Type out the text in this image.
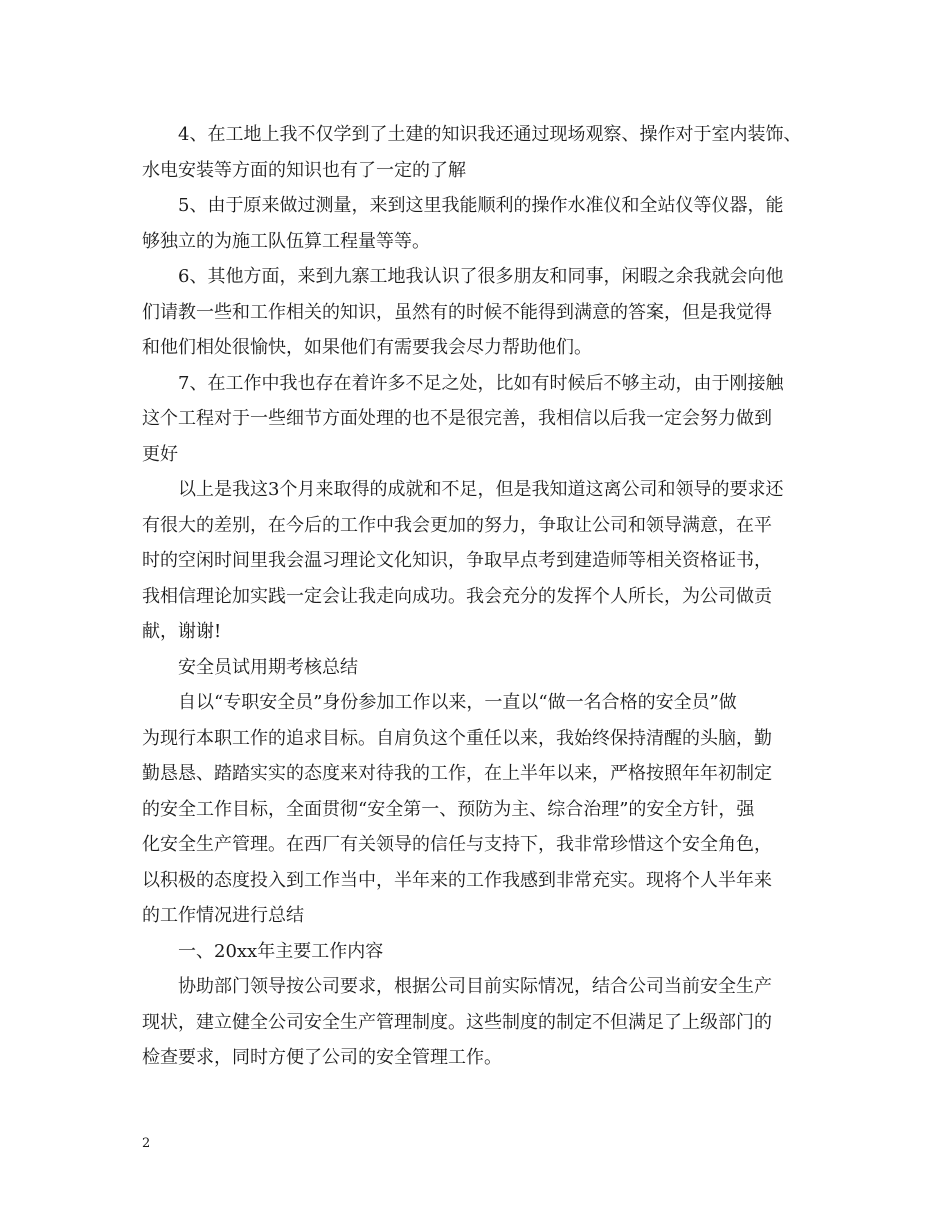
4、在工地上我不仅学到了土建的知识我还通过现场观察、操作对于室内装饰、
水电安装等方面的知识也有了一定的了解
5、由于原来做过测量，来到这里我能顺利的操作水准仪和全站仪等仪器，能
够独立的为施工队伍算工程量等等。
6、其他方面，来到九寨工地我认识了很多朋友和同事，闲暇之余我就会向他
们请教一些和工作相关的知识，虽然有的时候不能得到满意的答案，但是我觉得
和他们相处很愉快，如果他们有需要我会尽力帮助他们。
7、在工作中我也存在着许多不足之处，比如有时候后不够主动，由于刚接触
这个工程对于一些细节方面处理的也不是很完善，我相信以后我一定会努力做到
更好
以上是我这3个月来取得的成就和不足，但是我知道这离公司和领导的要求还
有很大的差别，在今后的工作中我会更加的努力，争取让公司和领导满意，在平
时的空闲时间里我会温习理论文化知识，争取早点考到建造师等相关资格证书，
我相信理论加实践一定会让我走向成功。我会充分的发挥个人所长，为公司做贡
献，谢谢!
安全员试用期考核总结
自以“专职安全员”身份参加工作以来，一直以“做一名合格的安全员”做
为现行本职工作的追求目标。自肩负这个重任以来，我始终保持清醒的头脑，勤
勤恳恳、踏踏实实的态度来对待我的工作，在上半年以来，严格按照年年初制定
的安全工作目标，全面贯彻“安全第一、预防为主、综合治理”的安全方针，强
化安全生产管理。在西厂有关领导的信任与支持下，我非常珍惜这个安全角色，
以积极的态度投入到工作当中，半年来的工作我感到非常充实。现将个人半年来
的工作情况进行总结
一、20xx年主要工作内容
协助部门领导按公司要求，根据公司目前实际情况，结合公司当前安全生产
现状，建立健全公司安全生产管理制度。这些制度的制定不但满足了上级部门的
检查要求，同时方便了公司的安全管理工作。
2
